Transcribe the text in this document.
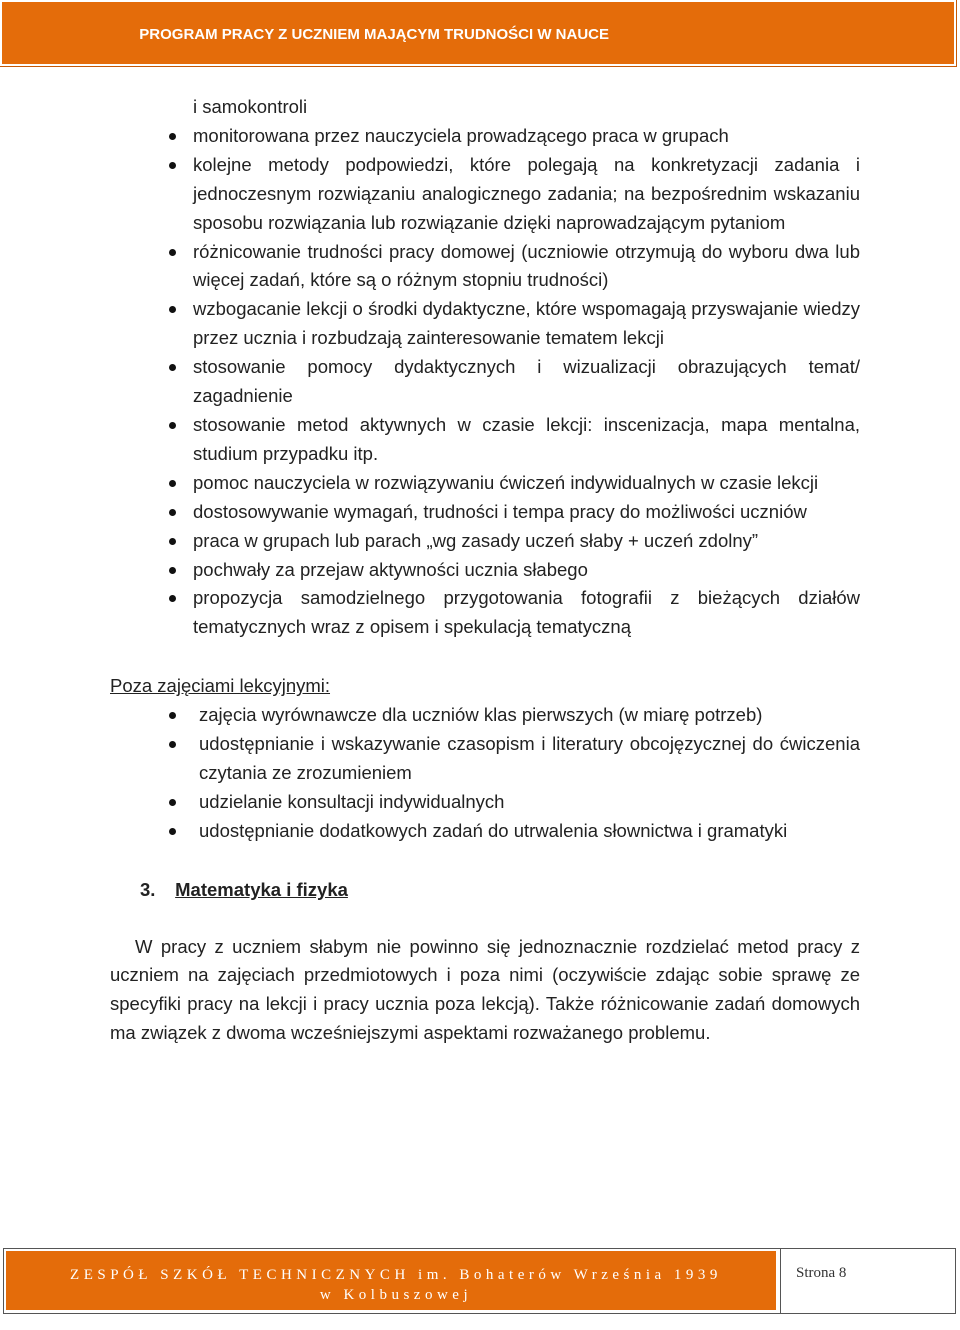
PROGRAM PRACY Z UCZNIEM MAJĄCYM TRUDNOŚCI W NAUCE
i samokontroli
monitorowana przez nauczyciela prowadzącego praca w grupach
kolejne metody podpowiedzi, które polegają na konkretyzacji zadania i jednoczesnym rozwiązaniu analogicznego zadania; na bezpośrednim wskazaniu sposobu rozwiązania lub rozwiązanie dzięki naprowadzającym pytaniom
różnicowanie trudności pracy domowej (uczniowie otrzymują do wyboru dwa lub więcej zadań, które są o różnym stopniu trudności)
wzbogacanie lekcji o środki dydaktyczne, które wspomagają przyswajanie wiedzy przez ucznia i rozbudzają zainteresowanie tematem lekcji
stosowanie pomocy dydaktycznych i wizualizacji obrazujących temat/ zagadnienie
stosowanie metod aktywnych w czasie lekcji: inscenizacja, mapa mentalna, studium przypadku itp.
pomoc nauczyciela w rozwiązywaniu ćwiczeń indywidualnych w czasie lekcji
dostosowywanie wymagań, trudności i tempa pracy do możliwości uczniów
praca w grupach lub parach „wg zasady uczeń słaby + uczeń zdolny”
pochwały za przejaw aktywności ucznia słabego
propozycja samodzielnego przygotowania fotografii z bieżących działów tematycznych wraz z opisem i spekulacją tematyczną
Poza zajęciami lekcyjnymi:
zajęcia wyrównawcze dla uczniów klas pierwszych (w miarę potrzeb)
udostępnianie i wskazywanie czasopism i literatury obcojęzycznej do ćwiczenia czytania ze zrozumieniem
udzielanie konsultacji indywidualnych
udostępnianie dodatkowych zadań do utrwalenia słownictwa i gramatyki
3. Matematyka i fizyka

W pracy z uczniem słabym nie powinno się jednoznacznie rozdzielać metod pracy z uczniem na zajęciach przedmiotowych i poza nimi (oczywiście zdając sobie sprawę ze specyfiki pracy na lekcji i pracy ucznia poza lekcją). Także różnicowanie zadań domowych ma związek z dwoma wcześniejszymi aspektami rozważanego problemu.

ZESPÓŁ SZKÓŁ TECHNICZNYCH im. Bohaterów Września 1939
w Kolbuszowej
Strona 8
